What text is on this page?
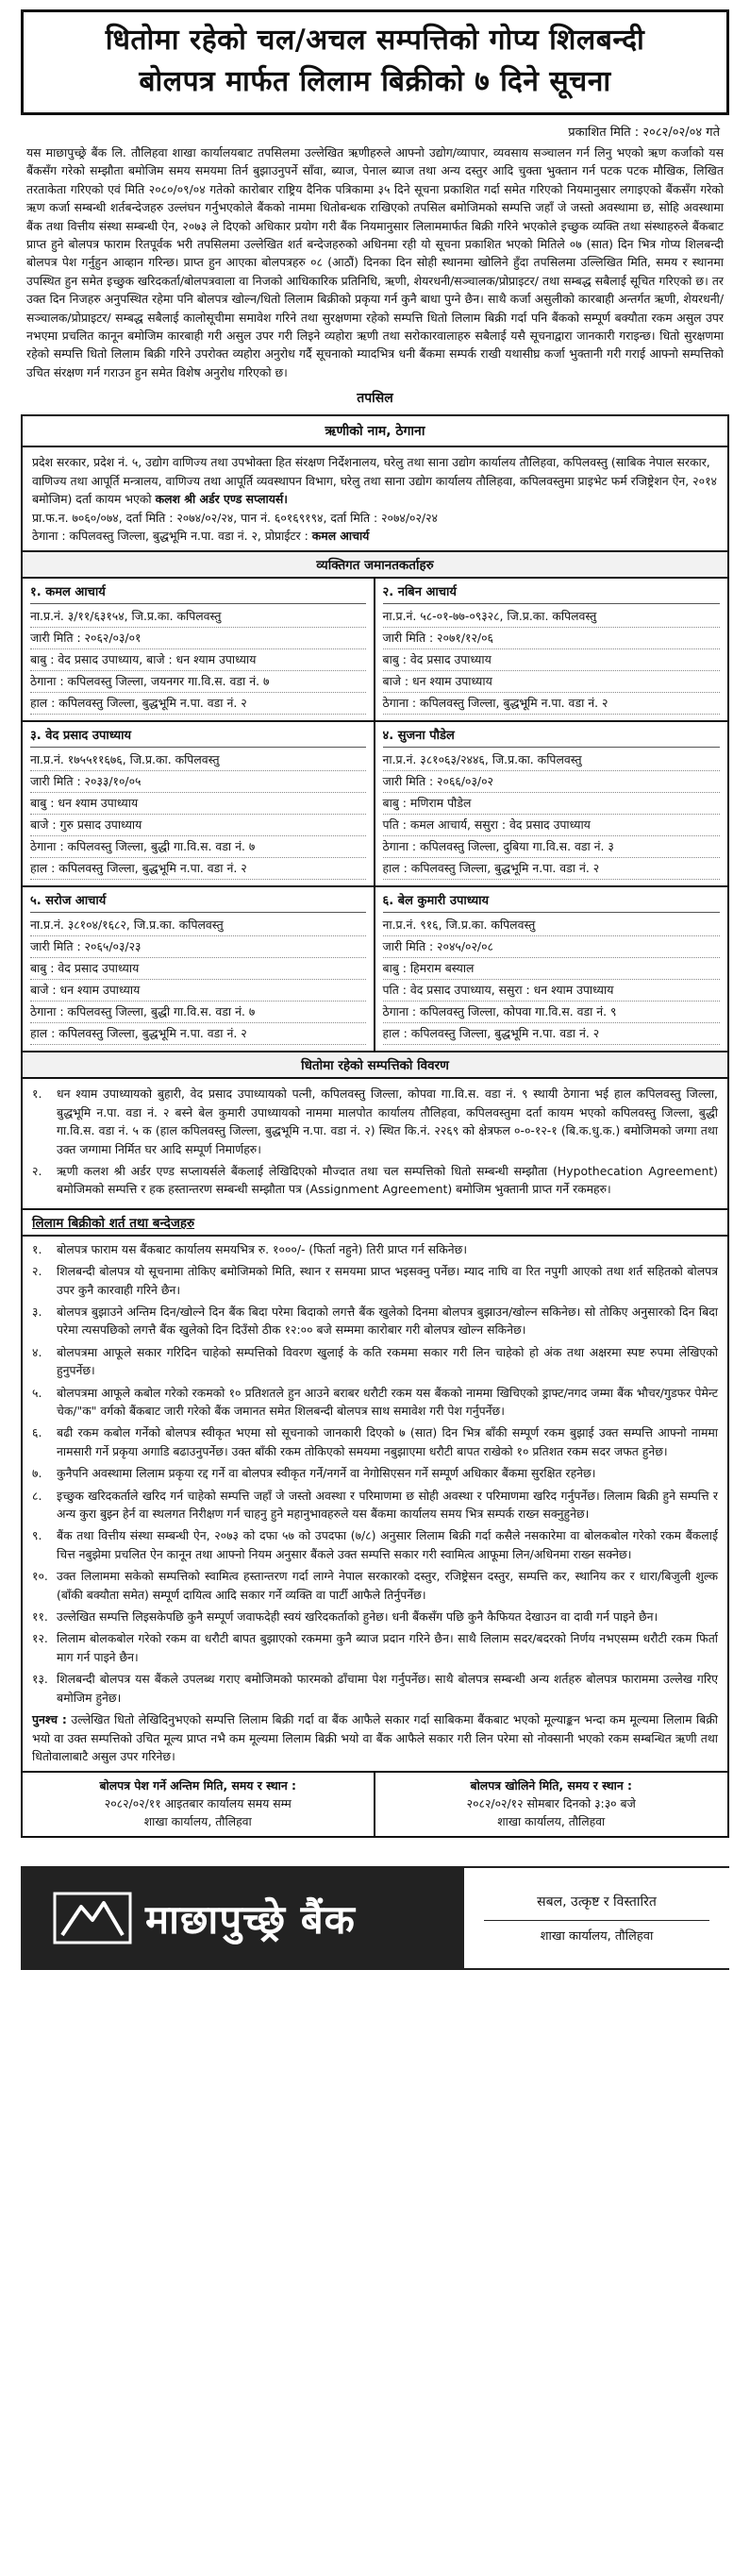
धितोमा रहेको चल/अचल सम्पत्तिको गोप्य शिलबन्दी
बोलपत्र मार्फत लिलाम बिक्रीको ७ दिने सूचना
प्रकाशित मिति : २०८२/०२/०४ गते

यस माछापुच्छ्रे बैंक लि. तौलिहवा शाखा कार्यालयबाट तपसिलमा उल्लेखित ऋणीहरुले आफ्नो उद्योग/व्यापार, व्यवसाय सञ्चालन गर्न लिनु भएको ऋण कर्जाको यस बैंकसँग गरेको सम्झौता बमोजिम समय समयमा तिर्न बुझाउनुपर्ने साँवा, ब्याज, पेनाल ब्याज तथा अन्य दस्तुर आदि चुक्ता भुक्तान गर्न पटक पटक मौखिक, लिखित तरताकेता गरिएको एवं मिति २०८०/०९/०४ गतेको कारोबार राष्ट्रिय दैनिक पत्रिकामा ३५ दिने सूचना प्रकाशित गर्दा समेत गरिएको नियमानुसार लगाइएको बैंकसँग गरेको ऋण कर्जा सम्बन्धी शर्तबन्देजहरु उल्लंघन गर्नुभएकोले बैंकको नाममा धितोबन्धक राखिएको तपसिल बमोजिमको सम्पत्ति जहाँ जे जस्तो अवस्थामा छ, सोहि अवस्थामा बैंक तथा वित्तीय संस्था सम्बन्धी ऐन, २०७३ ले दिएको अधिकार प्रयोग गरी बैंक नियमानुसार लिलाममार्फत बिक्री गरिने भएकोले इच्छुक व्यक्ति तथा संस्थाहरुले बैंकबाट प्राप्त हुने बोलपत्र फाराम रितपूर्वक भरी तपसिलमा उल्लेखित शर्त बन्देजहरुको अधिनमा रही यो सूचना प्रकाशित भएको मितिले ०७ (सात) दिन भित्र गोप्य शिलबन्दी बोलपत्र पेश गर्नुहुन आव्हान गरिन्छ। प्राप्त हुन आएका बोलपत्रहरु ०८ (आठौं) दिनका दिन सोही स्थानमा खोलिने हुँदा तपसिलमा उल्लिखित मिति, समय र स्थानमा उपस्थित हुन समेत इच्छुक खरिदकर्ता/बोलपत्रवाला वा निजको आधिकारिक प्रतिनिधि, ऋणी, शेयरधनी/सञ्चालक/प्रोप्राइटर/ तथा सम्बद्ध सबैलाई सूचित गरिएको छ। तर उक्त दिन निजहरु अनुपस्थित रहेमा पनि बोलपत्र खोल्न/धितो लिलाम बिक्रीको प्रकृया गर्न कुनै बाधा पुग्ने छैन। साथै कर्जा असुलीको कारबाही अन्तर्गत ऋणी, शेयरधनी/सञ्चालक/प्रोप्राइटर/ सम्बद्ध सबैलाई कालोसूचीमा समावेश गरिने तथा सुरक्षणमा रहेको सम्पत्ति धितो लिलाम बिक्री गर्दा पनि बैंकको सम्पूर्ण बक्यौता रकम असुल उपर नभएमा प्रचलित कानून बमोजिम कारबाही गरी असुल उपर गरी लिइने व्यहोरा ऋणी तथा सरोकारवालाहरु सबैलाई यसै सूचनाद्वारा जानकारी गराइन्छ। धितो सुरक्षणमा रहेको सम्पत्ति धितो लिलाम बिक्री गरिने उपरोक्त व्यहोरा अनुरोध गर्दै सूचनाको म्यादभित्र धनी बैंकमा सम्पर्क राखी यथासीघ्र कर्जा भुक्तानी गरी गराई आफ्नो सम्पत्तिको उचित संरक्षण गर्न गराउन हुन समेत विशेष अनुरोध गरिएको छ।

तपसिल
ऋणीको नाम, ठेगाना
प्रदेश सरकार, प्रदेश नं. ५, उद्योग वाणिज्य तथा उपभोक्ता हित संरक्षण निर्देशनालय, घरेलु तथा साना उद्योग कार्यालय तौलिहवा, कपिलवस्तु (साबिक नेपाल सरकार, वाणिज्य तथा आपूर्ति मन्त्रालय, वाणिज्य तथा आपूर्ति व्यवस्थापन विभाग, घरेलु तथा साना उद्योग कार्यालय तौलिहवा, कपिलवस्तुमा प्राइभेट फर्म रजिष्ट्रेशन ऐन, २०१४ बमोजिम) दर्ता कायम भएको कलश श्री अर्डर एण्ड सप्लायर्स।
प्रा.फ.न. ७०६०/०७४, दर्ता मिति : २०७४/०२/२४, पान नं. ६०१६९१९४, दर्ता मिति : २०७४/०२/२४
ठेगाना : कपिलवस्तु जिल्ला, बुद्धभूमि न.पा. वडा नं. २, प्रोप्राईटर : कमल आचार्य
व्यक्तिगत जमानतकर्ताहरु
१. कमल आचार्य
ना.प्र.नं. ३/११/६३१५४, जि.प्र.का. कपिलवस्तु
जारी मिति : २०६२/०३/०१
बाबु : वेद प्रसाद उपाध्याय, बाजे : धन श्याम उपाध्याय
ठेगाना : कपिलवस्तु जिल्ला, जयनगर गा.वि.स. वडा नं. ७
हाल : कपिलवस्तु जिल्ला, बुद्धभूमि न.पा. वडा नं. २
२. नबिन आचार्य
ना.प्र.नं. ५८-०१-७७-०९३२८, जि.प्र.का. कपिलवस्तु
जारी मिति : २०७१/१२/०६
बाबु : वेद प्रसाद उपाध्याय
बाजे : धन श्याम उपाध्याय
ठेगाना : कपिलवस्तु जिल्ला, बुद्धभूमि न.पा. वडा नं. २
३. वेद प्रसाद उपाध्याय
ना.प्र.नं. १७५५११६७६, जि.प्र.का. कपिलवस्तु
जारी मिति : २०३३/१०/०५
बाबु : धन श्याम उपाध्याय
बाजे : गुरु प्रसाद उपाध्याय
ठेगाना : कपिलवस्तु जिल्ला, बुद्धी गा.वि.स. वडा नं. ७
हाल : कपिलवस्तु जिल्ला, बुद्धभूमि न.पा. वडा नं. २
४. सुजना पौडेल
ना.प्र.नं. ३८१०६३/२४४६, जि.प्र.का. कपिलवस्तु
जारी मिति : २०६६/०३/०२
बाबु : मणिराम पौडेल
पति : कमल आचार्य, ससुरा : वेद प्रसाद उपाध्याय
ठेगाना : कपिलवस्तु जिल्ला, दुबिया गा.वि.स. वडा नं. ३
हाल : कपिलवस्तु जिल्ला, बुद्धभूमि न.पा. वडा नं. २
५. सरोज आचार्य
ना.प्र.नं. ३८१०४/१६८२, जि.प्र.का. कपिलवस्तु
जारी मिति : २०६५/०३/२३
बाबु : वेद प्रसाद उपाध्याय
बाजे : धन श्याम उपाध्याय
ठेगाना : कपिलवस्तु जिल्ला, बुद्धी गा.वि.स. वडा नं. ७
हाल : कपिलवस्तु जिल्ला, बुद्धभूमि न.पा. वडा नं. २
६. बेल कुमारी उपाध्याय
ना.प्र.नं. ९१६, जि.प्र.का. कपिलवस्तु
जारी मिति : २०४५/०२/०८
बाबु : हिमराम बस्याल
पति : वेद प्रसाद उपाध्याय, ससुरा : धन श्याम उपाध्याय
ठेगाना : कपिलवस्तु जिल्ला, कोपवा गा.वि.स. वडा नं. ९
हाल : कपिलवस्तु जिल्ला, बुद्धभूमि न.पा. वडा नं. २
धितोमा रहेको सम्पत्तिको विवरण
१.	धन श्याम उपाध्यायको बुहारी, वेद प्रसाद उपाध्यायको पत्नी, कपिलवस्तु जिल्ला, कोपवा गा.वि.स. वडा नं. ९ स्थायी ठेगाना भई हाल कपिलवस्तु जिल्ला, बुद्धभूमि न.पा. वडा नं. २ बस्ने बेल कुमारी उपाध्यायको नाममा मालपोत कार्यालय तौलिहवा, कपिलवस्तुमा दर्ता कायम भएको कपिलवस्तु जिल्ला, बुद्धी गा.वि.स. वडा नं. ५ क (हाल कपिलवस्तु जिल्ला, बुद्धभूमि न.पा. वडा नं. २) स्थित कि.नं. २२६९ को क्षेत्रफल ०-०-१२-१ (बि.क.धु.क.) बमोजिमको जग्गा तथा उक्त जग्गामा निर्मित घर आदि सम्पूर्ण निमार्णहरु।
२.	ऋणी कलश श्री अर्डर एण्ड सप्लायर्सले बैंकलाई लेखिदिएको मौज्दात तथा चल सम्पत्तिको धितो सम्बन्धी सम्झौता (Hypothecation Agreement) बमोजिमको सम्पत्ति र हक हस्तान्तरण सम्बन्धी सम्झौता पत्र (Assignment Agreement) बमोजिम भुक्तानी प्राप्त गर्ने रकमहरु।
लिलाम बिक्रीको शर्त तथा बन्देजहरु
१.	बोलपत्र फाराम यस बैंकबाट कार्यालय समयभित्र रु. १०००/- (फिर्ता नहुने) तिरी प्राप्त गर्न सकिनेछ।
२.	शिलबन्दी बोलपत्र यो सूचनामा तोकिए बमोजिमको मिति, स्थान र समयमा प्राप्त भइसक्नु पर्नेछ। म्याद नाघि वा रित नपुगी आएको तथा शर्त सहितको बोलपत्र उपर कुनै कारवाही गरिने छैन।
३.	बोलपत्र बुझाउने अन्तिम दिन/खोल्ने दिन बैंक बिदा परेमा बिदाको लगत्तै बैंक खुलेको दिनमा बोलपत्र बुझाउन/खोल्न सकिनेछ। सो तोकिए अनुसारको दिन बिदा परेमा त्यसपछिको लगत्तै बैंक खुलेको दिन दिउँसो ठीक १२:०० बजे सम्ममा कारोबार गरी बोलपत्र खोल्न सकिनेछ।
४.	बोलपत्रमा आफूले सकार गरिदिन चाहेको सम्पत्तिको विवरण खुलाई के कति रकममा सकार गरी लिन चाहेको हो अंक तथा अक्षरमा स्पष्ट रुपमा लेखिएको हुनुपर्नेछ।
५.	बोलपत्रमा आफूले कबोल गरेको रकमको १० प्रतिशतले हुन आउने बराबर धरौटी रकम यस बैंकको नाममा खिचिएको ड्राफ्ट/नगद जम्मा बैंक भौचर/गुडफर पेमेन्ट चेक/"क" वर्गको बैंकबाट जारी गरेको बैंक जमानत समेत शिलबन्दी बोलपत्र साथ समावेश गरी पेश गर्नुपर्नेछ।
६.	बढी रकम कबोल गर्नेको बोलपत्र स्वीकृत भएमा सो सूचनाको जानकारी दिएको ७ (सात) दिन भित्र बाँकी सम्पूर्ण रकम बुझाई उक्त सम्पत्ति आफ्नो नाममा नामसारी गर्ने प्रकृया अगाडि बढाउनुपर्नेछ। उक्त बाँकी रकम तोकिएको समयमा नबुझाएमा धरौटी बापत राखेको १० प्रतिशत रकम सदर जफत हुनेछ।
७.	कुनैपनि अवस्थामा लिलाम प्रकृया रद्द गर्ने वा बोलपत्र स्वीकृत गर्ने/नगर्ने वा नेगोसिएसन गर्ने सम्पूर्ण अधिकार बैंकमा सुरक्षित रहनेछ।
८.	इच्छुक खरिदकर्ताले खरिद गर्न चाहेको सम्पत्ति जहाँ जे जस्तो अवस्था र परिमाणमा छ सोही अवस्था र परिमाणमा खरिद गर्नुपर्नेछ। लिलाम बिक्री हुने सम्पत्ति र अन्य कुरा बुझ्न हेर्न वा स्थलगत निरीक्षण गर्न चाहनु हुने महानुभावहरुले यस बैंकमा कार्यालय समय भित्र सम्पर्क राख्न सक्नुहुनेछ।
९.	बैंक तथा वित्तीय संस्था सम्बन्धी ऐन, २०७३ को दफा ५७ को उपदफा (७/८) अनुसार लिलाम बिक्री गर्दा कसैले नसकारेमा वा बोलकबोल गरेको रकम बैंकलाई चित्त नबुझेमा प्रचलित ऐन कानून तथा आफ्नो नियम अनुसार बैंकले उक्त सम्पत्ति सकार गरी स्वामित्व आफूमा लिन/अधिनमा राख्न सक्नेछ।
१०. उक्त लिलाममा सकेको सम्पत्तिको स्वामित्व हस्तान्तरण गर्दा लाग्ने नेपाल सरकारको दस्तुर, रजिष्ट्रेसन दस्तुर, सम्पत्ति कर, स्थानिय कर र धारा/बिजुली शुल्क (बाँकी बक्यौता समेत) सम्पूर्ण दायित्व आदि सकार गर्ने व्यक्ति वा पार्टी आफैले तिर्नुपर्नेछ।
११. उल्लेखित सम्पत्ति लिइसकेपछि कुनै सम्पूर्ण जवाफदेही स्वयं खरिदकर्ताको हुनेछ। धनी बैंकसँग पछि कुनै कैफियत देखाउन वा दावी गर्न पाइने छैन।
१२. लिलाम बोलकबोल गरेको रकम वा धरौटी बापत बुझाएको रकममा कुनै ब्याज प्रदान गरिने छैन। साथै लिलाम सदर/बदरको निर्णय नभएसम्म धरौटी रकम फिर्ता माग गर्न पाइने छैन।
१३. शिलबन्दी बोलपत्र यस बैंकले उपलब्ध गराए बमोजिमको फारमको ढाँचामा पेश गर्नुपर्नेछ। साथै बोलपत्र सम्बन्धी अन्य शर्तहरु बोलपत्र फाराममा उल्लेख गरिए बमोजिम हुनेछ।

पुनश्च : उल्लेखित धितो लेखिदिनुभएको सम्पत्ति लिलाम बिक्री गर्दा वा बैंक आफैले सकार गर्दा साबिकमा बैंकबाट भएको मूल्याङ्कन भन्दा कम मूल्यमा लिलाम बिक्री भयो वा उक्त सम्पत्तिको उचित मूल्य प्राप्त नभै कम मूल्यमा लिलाम बिक्री भयो वा बैंक आफैले सकार गरी लिन परेमा सो नोक्सानी भएको रकम सम्बन्धित ऋणी तथा धितोवालाबाटै असुल उपर गरिनेछ।

बोलपत्र पेश गर्ने अन्तिम मिति, समय र स्थान :
२०८२/०२/११ आइतबार कार्यालय समय सम्म
शाखा कार्यालय, तौलिहवा
बोलपत्र खोलिने मिति, समय र स्थान :
२०८२/०२/१२ सोमबार दिनको ३:३० बजे
शाखा कार्यालय, तौलिहवा
माछापुच्छ्रे बैंक	सबल, उत्कृष्ट र विस्तारित
शाखा कार्यालय, तौलिहवा
